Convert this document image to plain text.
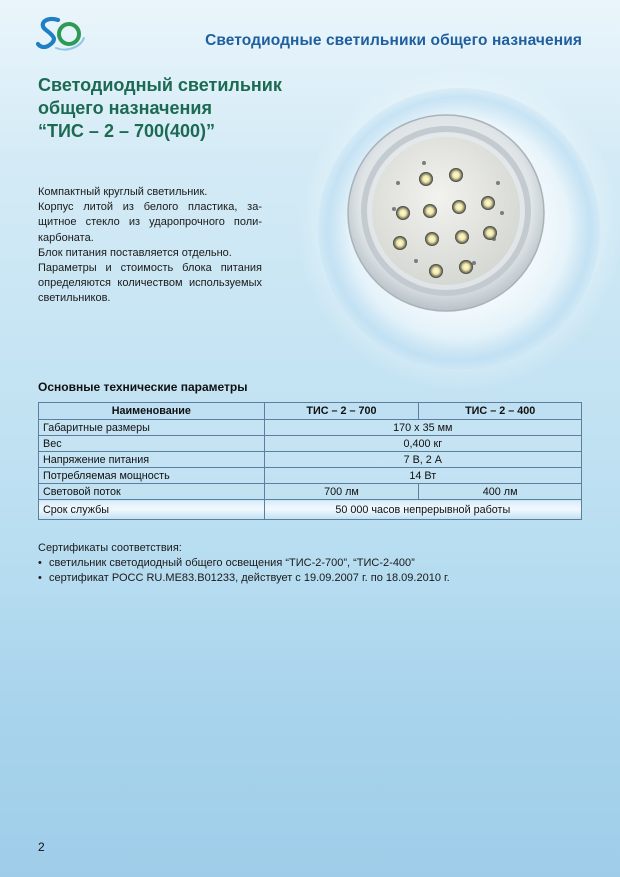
Светодиодные светильники общего назначения
Светодиодный светильник
общего назначения
“ТИС – 2 – 700(400)”

Компактный круглый светильник.

Корпус литой из белого пластика, защитное стекло из ударопрочного поликарбоната.

Блок питания поставляется отдельно.

Параметры и стоимость блока питания определяются количеством используемых светильников.

Основные технические параметры
Наименование	ТИС – 2 – 700	ТИС – 2 – 400
Габаритные размеры	170 х 35 мм	
Вес	0,400 кг	
Напряжение питания	7 В, 2 А	
Потребляемая мощность	14 Вт	
Световой поток	700 лм	400 лм
Срок службы	50 000 часов непрерывной работы	

Сертификаты соответствия:

• светильник светодиодный общего освещения “ТИС-2-700”, “ТИС-2-400”
• сертификат РОСС RU.ME83.B01233, действует с 19.09.2007 г. по 18.09.2010 г.
2
